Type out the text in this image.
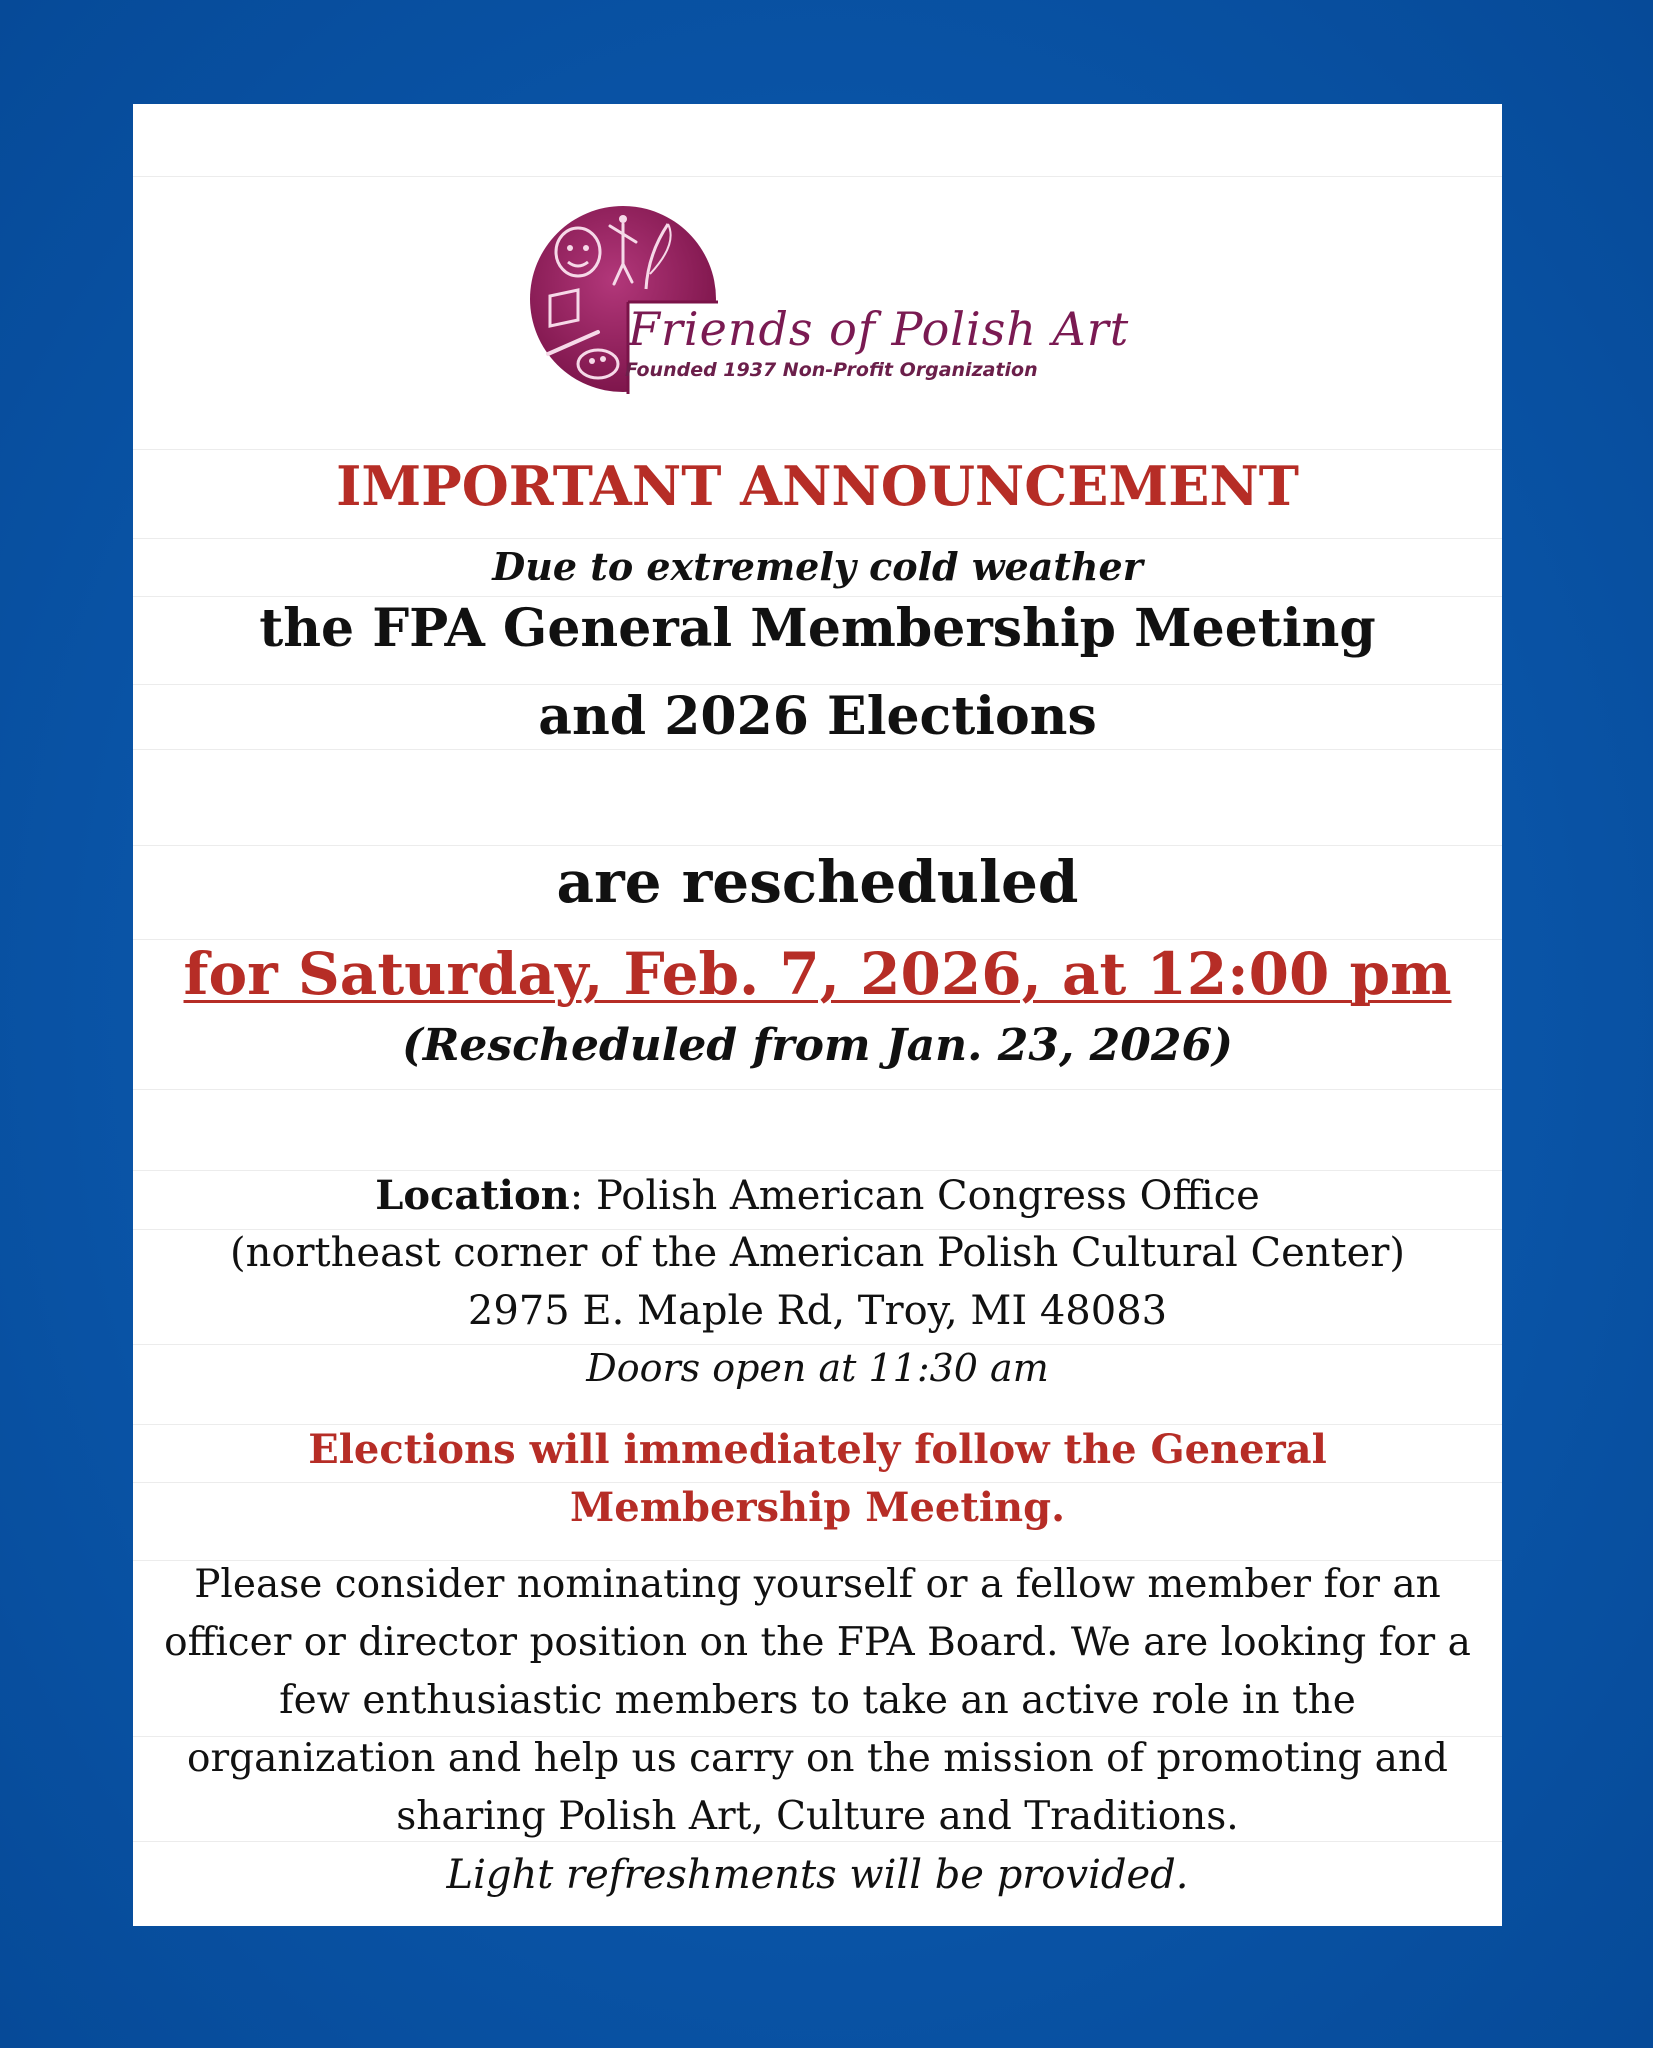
Friends of Polish Art
Founded 1937 Non-Profit Organization
IMPORTANT ANNOUNCEMENT
Due to extremely cold weather
the FPA General Membership Meeting
and 2026 Elections
are rescheduled
for Saturday, Feb. 7, 2026, at 12:00 pm
(Rescheduled from Jan. 23, 2026)
Location: Polish American Congress Office
(northeast corner of the American Polish Cultural Center)
2975 E. Maple Rd, Troy, MI 48083
Doors open at 11:30 am
Elections will immediately follow the General
Membership Meeting.
Please consider nominating yourself or a fellow member for an
officer or director position on the FPA Board. We are looking for a
few enthusiastic members to take an active role in the
organization and help us carry on the mission of promoting and
sharing Polish Art, Culture and Traditions.
Light refreshments will be provided.
